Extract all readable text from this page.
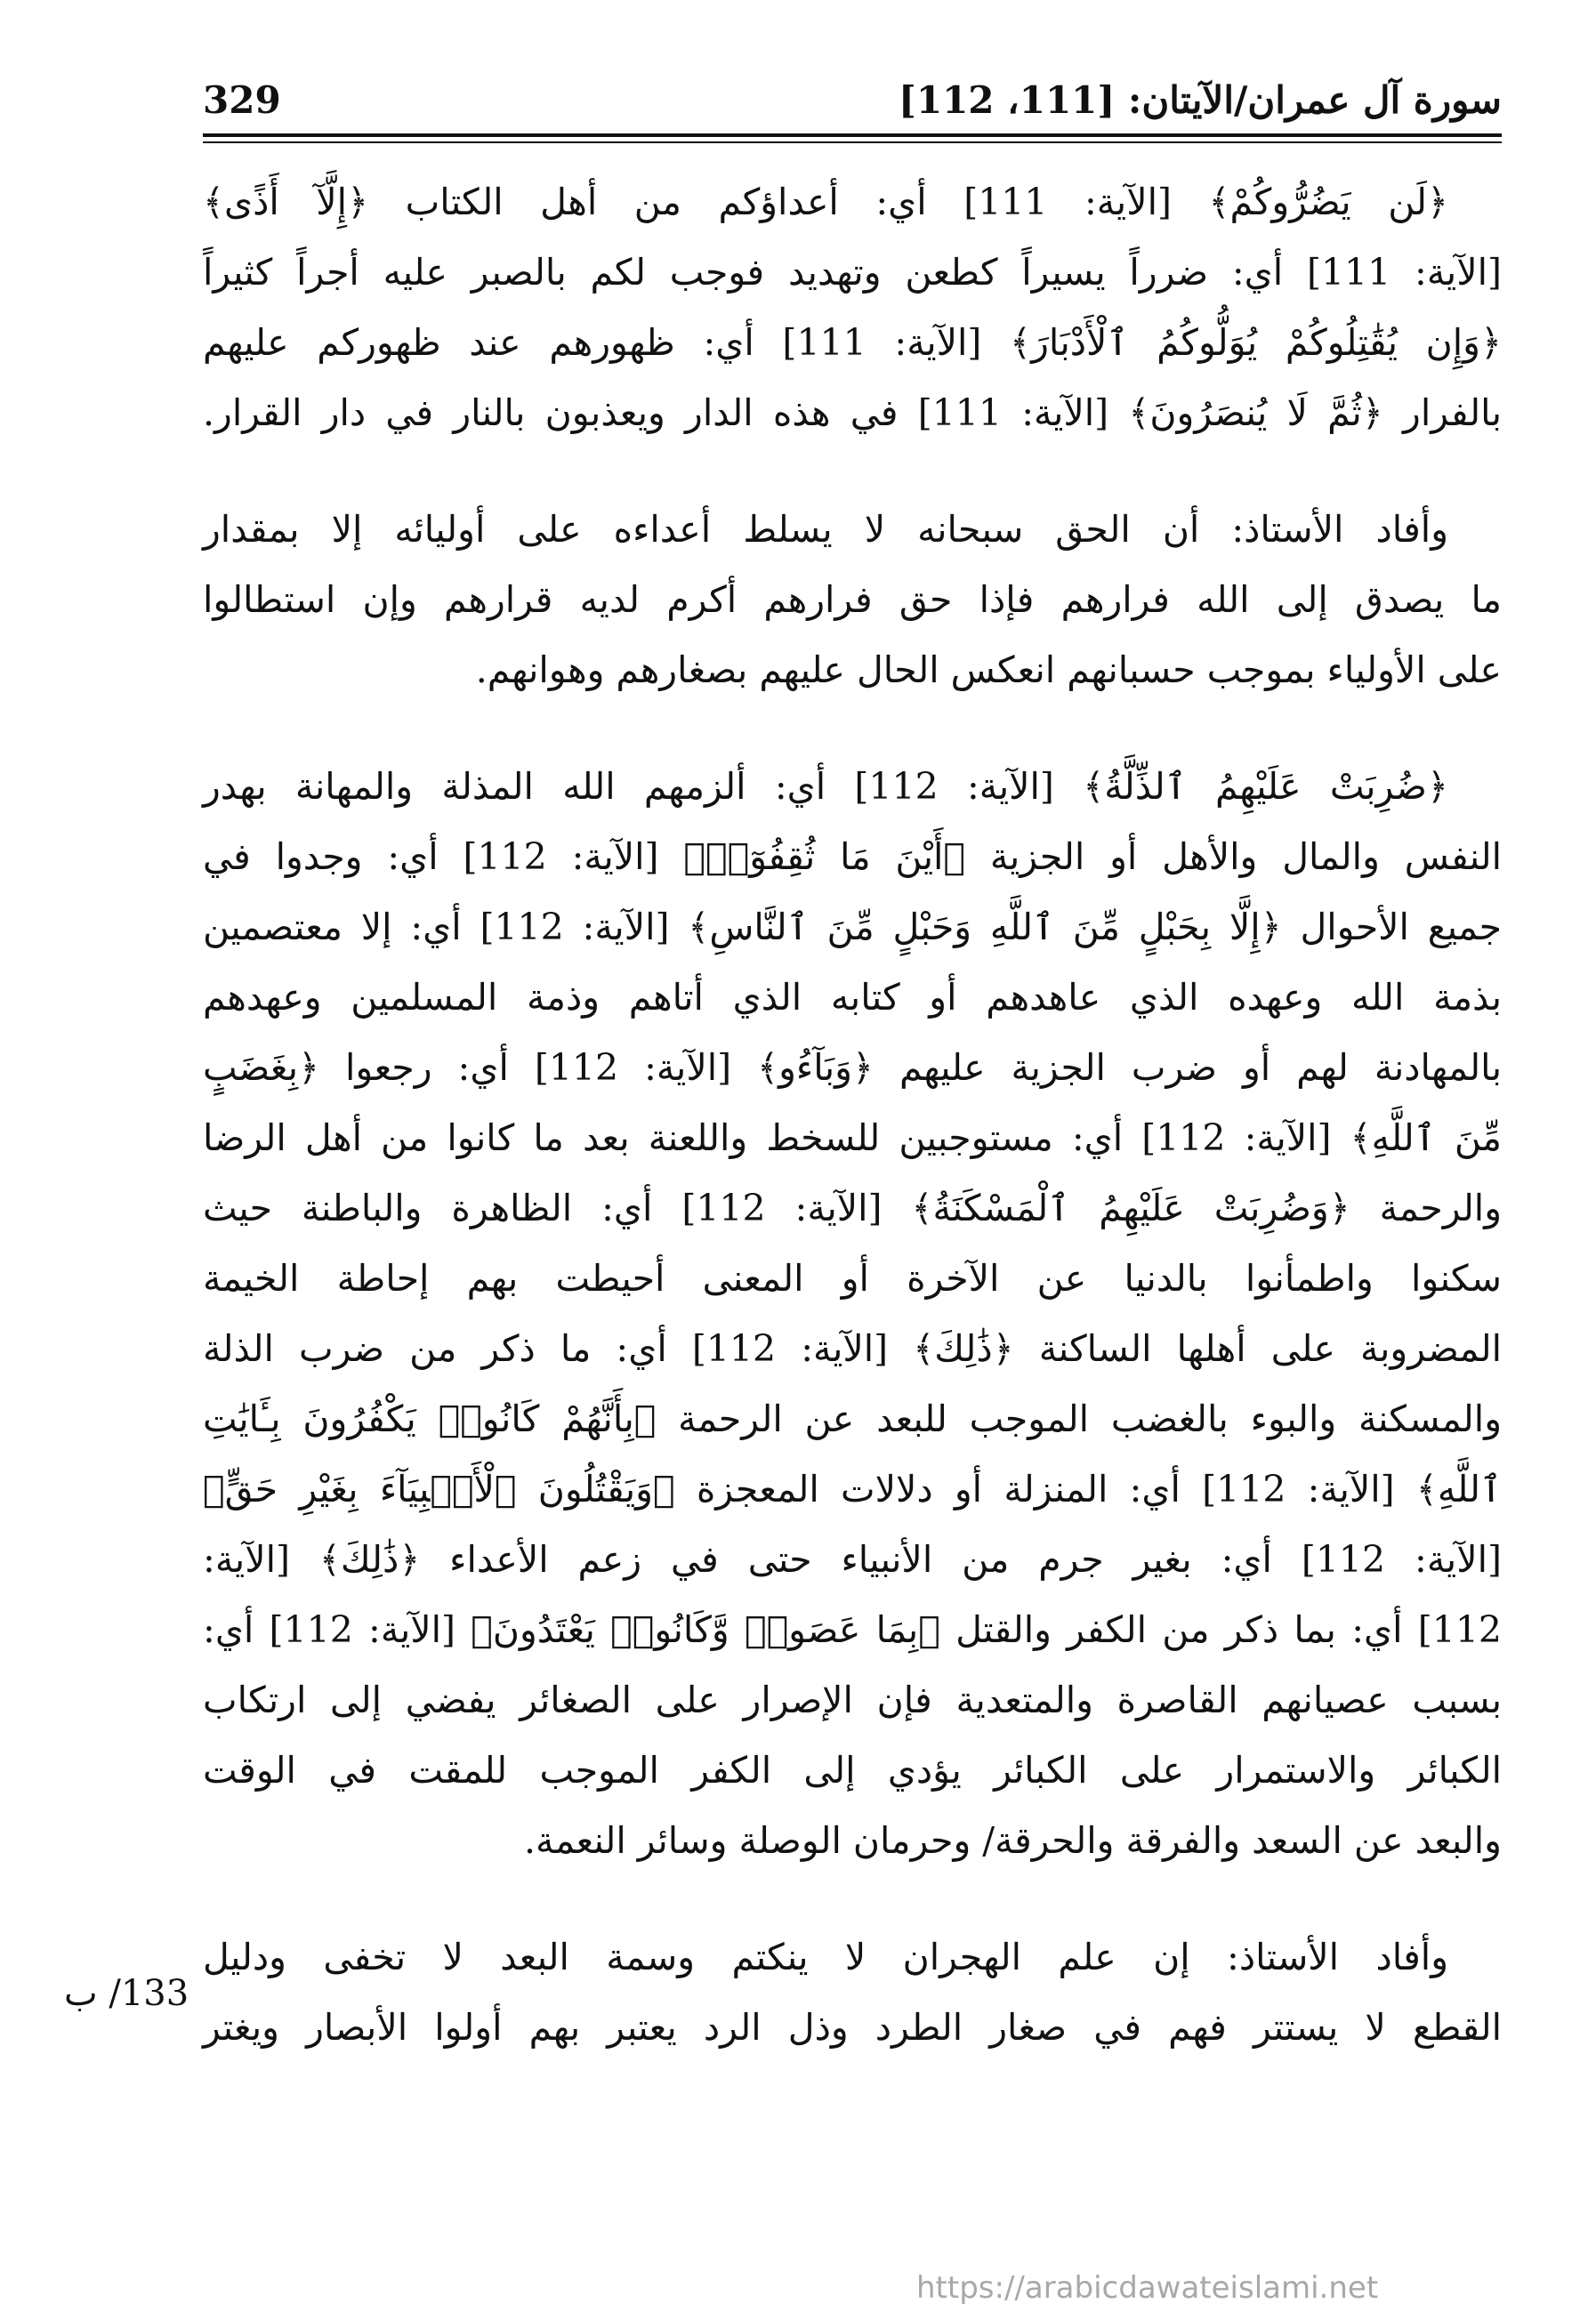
سورة آل عمران/الآيتان: [111، 112]
329
﴿لَن يَضُرُّوكُمْ﴾ [الآية: 111] أي: أعداؤكم من أهل الكتاب ﴿إِلَّآ أَذًى﴾
[الآية: 111] أي: ضرراً يسيراً كطعن وتهديد فوجب لكم بالصبر عليه أجراً كثيراً
﴿وَإِن يُقَٰتِلُوكُمْ يُوَلُّوكُمُ ٱلْأَدْبَارَ﴾ [الآية: 111] أي: ظهورهم عند ظهوركم عليهم
بالفرار ﴿ثُمَّ لَا يُنصَرُونَ﴾ [الآية: 111] في هذه الدار ويعذبون بالنار في دار القرار.
وأفاد الأستاذ: أن الحق سبحانه لا يسلط أعداءه على أوليائه إلا بمقدار
ما يصدق إلى الله فرارهم فإذا حق فرارهم أكرم لديه قرارهم وإن استطالوا
على الأولياء بموجب حسبانهم انعكس الحال عليهم بصغارهم وهوانهم.
﴿ضُرِبَتْ عَلَيْهِمُ ٱلذِّلَّةُ﴾ [الآية: 112] أي: ألزمهم الله المذلة والمهانة بهدر
النفس والمال والأهل أو الجزية ﴿أَيْنَ مَا ثُقِفُوٓا۟﴾ [الآية: 112] أي: وجدوا في
جميع الأحوال ﴿إِلَّا بِحَبْلٍ مِّنَ ٱللَّهِ وَحَبْلٍ مِّنَ ٱلنَّاسِ﴾ [الآية: 112] أي: إلا معتصمين
بذمة الله وعهده الذي عاهدهم أو كتابه الذي أتاهم وذمة المسلمين وعهدهم
بالمهادنة لهم أو ضرب الجزية عليهم ﴿وَبَآءُو﴾ [الآية: 112] أي: رجعوا ﴿بِغَضَبٍ
مِّنَ ٱللَّهِ﴾ [الآية: 112] أي: مستوجبين للسخط واللعنة بعد ما كانوا من أهل الرضا
والرحمة ﴿وَضُرِبَتْ عَلَيْهِمُ ٱلْمَسْكَنَةُ﴾ [الآية: 112] أي: الظاهرة والباطنة حيث
سكنوا واطمأنوا بالدنيا عن الآخرة أو المعنى أحيطت بهم إحاطة الخيمة
المضروبة على أهلها الساكنة ﴿ذَٰلِكَ﴾ [الآية: 112] أي: ما ذكر من ضرب الذلة
والمسكنة والبوء بالغضب الموجب للبعد عن الرحمة ﴿بِأَنَّهُمْ كَانُوا۟ يَكْفُرُونَ بِـَٔايَٰتِ
ٱللَّهِ﴾ [الآية: 112] أي: المنزلة أو دلالات المعجزة ﴿وَيَقْتُلُونَ ٱلْأَنۢبِيَآءَ بِغَيْرِ حَقٍّ﴾
[الآية: 112] أي: بغير جرم من الأنبياء حتى في زعم الأعداء ﴿ذَٰلِكَ﴾ [الآية:
112] أي: بما ذكر من الكفر والقتل ﴿بِمَا عَصَوا۟ وَّكَانُوا۟ يَعْتَدُونَ﴾ [الآية: 112] أي:
بسبب عصيانهم القاصرة والمتعدية فإن الإصرار على الصغائر يفضي إلى ارتكاب
الكبائر والاستمرار على الكبائر يؤدي إلى الكفر الموجب للمقت في الوقت
والبعد عن السعد والفرقة والحرقة/ وحرمان الوصلة وسائر النعمة.
وأفاد الأستاذ: إن علم الهجران لا ينكتم وسمة البعد لا تخفى ودليل
القطع لا يستتر فهم في صغار الطرد وذل الرد يعتبر بهم أولوا الأبصار ويغتر
133/ ب
https://arabicdawateislami.net
